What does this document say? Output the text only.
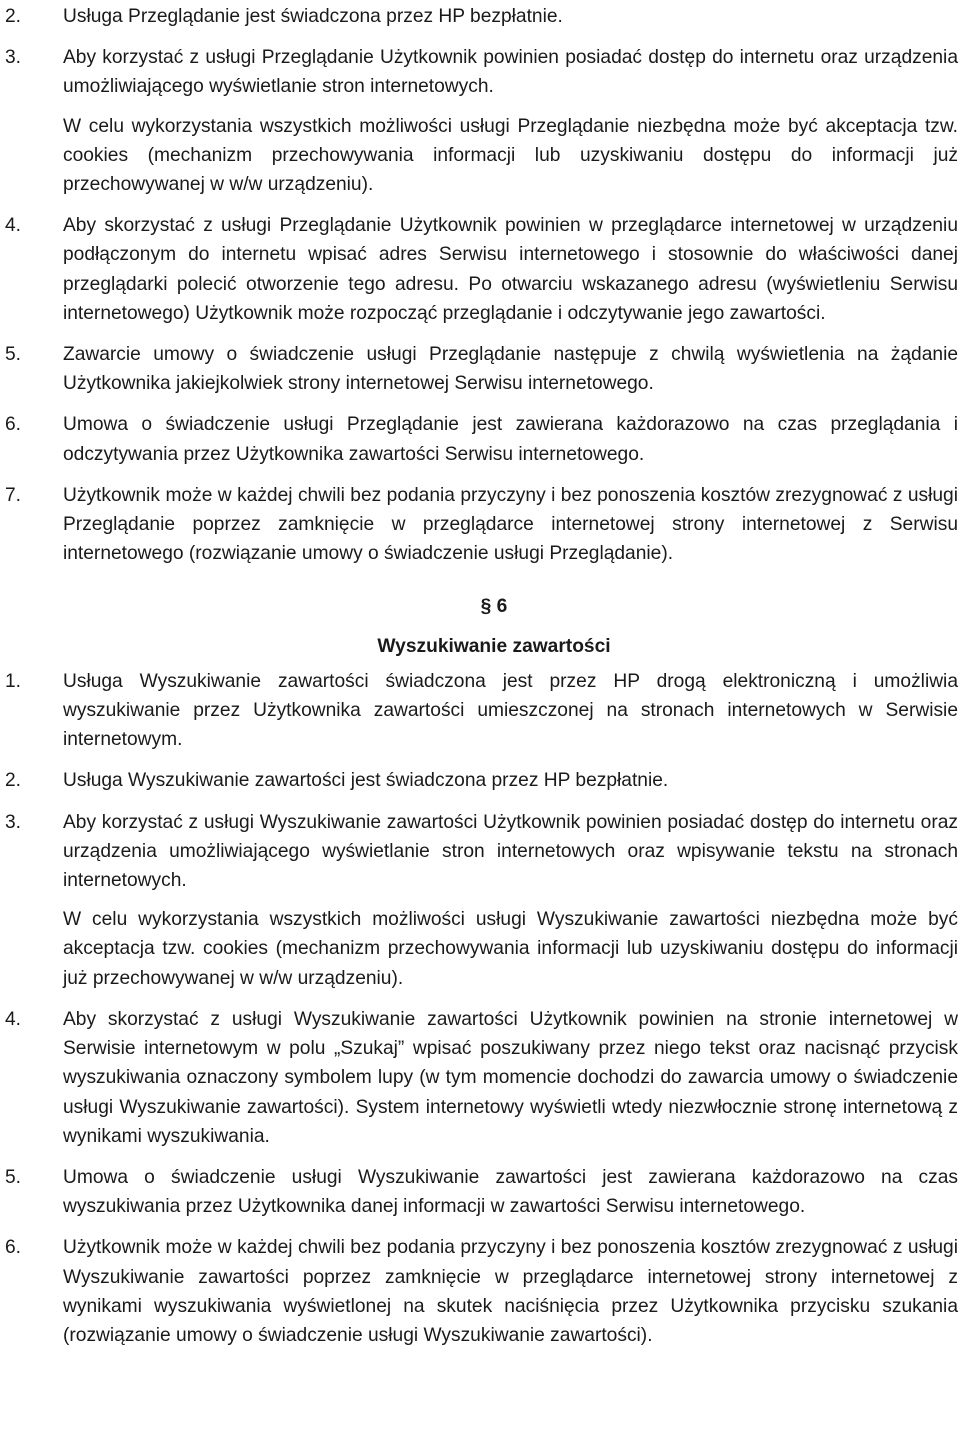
2.	Usługa Przeglądanie jest świadczona przez HP bezpłatnie.

3.	Aby korzystać z usługi Przeglądanie Użytkownik powinien posiadać dostęp do internetu oraz urządzenia umożliwiającego wyświetlanie stron internetowych.

W celu wykorzystania wszystkich możliwości usługi Przeglądanie niezbędna może być akceptacja tzw. cookies (mechanizm przechowywania informacji lub uzyskiwaniu dostępu do informacji już przechowywanej w w/w urządzeniu).

4.	Aby skorzystać z usługi Przeglądanie Użytkownik powinien w przeglądarce internetowej w urządzeniu podłączonym do internetu wpisać adres Serwisu internetowego i stosownie do właściwości danej przeglądarki polecić otworzenie tego adresu. Po otwarciu wskazanego adresu (wyświetleniu Serwisu internetowego) Użytkownik może rozpocząć przeglądanie i odczytywanie jego zawartości.

5.	Zawarcie umowy o świadczenie usługi Przeglądanie następuje z chwilą wyświetlenia na żądanie Użytkownika jakiejkolwiek strony internetowej Serwisu internetowego.

6.	Umowa o świadczenie usługi Przeglądanie jest zawierana każdorazowo na czas przeglądania i odczytywania przez Użytkownika zawartości Serwisu internetowego.

7.	Użytkownik może w każdej chwili bez podania przyczyny i bez ponoszenia kosztów zrezygnować z usługi Przeglądanie poprzez zamknięcie w przeglądarce internetowej strony internetowej z Serwisu internetowego (rozwiązanie umowy o świadczenie usługi Przeglądanie).

§ 6
Wyszukiwanie zawartości
1.	Usługa Wyszukiwanie zawartości świadczona jest przez HP drogą elektroniczną i umożliwia wyszukiwanie przez Użytkownika zawartości umieszczonej na stronach internetowych w Serwisie internetowym.

2.	Usługa Wyszukiwanie zawartości jest świadczona przez HP bezpłatnie.

3.	Aby korzystać z usługi Wyszukiwanie zawartości Użytkownik powinien posiadać dostęp do internetu oraz urządzenia umożliwiającego wyświetlanie stron internetowych oraz wpisywanie tekstu na stronach internetowych.

W celu wykorzystania wszystkich możliwości usługi Wyszukiwanie zawartości niezbędna może być akceptacja tzw. cookies (mechanizm przechowywania informacji lub uzyskiwaniu dostępu do informacji już przechowywanej w w/w urządzeniu).

4.	Aby skorzystać z usługi Wyszukiwanie zawartości Użytkownik powinien na stronie internetowej w Serwisie internetowym w polu „Szukaj” wpisać poszukiwany przez niego tekst oraz nacisnąć przycisk wyszukiwania oznaczony symbolem lupy (w tym momencie dochodzi do zawarcia umowy o świadczenie usługi Wyszukiwanie zawartości). System internetowy wyświetli wtedy niezwłocznie stronę internetową z wynikami wyszukiwania.

5.	Umowa o świadczenie usługi Wyszukiwanie zawartości jest zawierana każdorazowo na czas wyszukiwania przez Użytkownika danej informacji w zawartości Serwisu internetowego.

6.	Użytkownik może w każdej chwili bez podania przyczyny i bez ponoszenia kosztów zrezygnować z usługi Wyszukiwanie zawartości poprzez zamknięcie w przeglądarce internetowej strony internetowej z wynikami wyszukiwania wyświetlonej na skutek naciśnięcia przez Użytkownika przycisku szukania (rozwiązanie umowy o świadczenie usługi Wyszukiwanie zawartości).
